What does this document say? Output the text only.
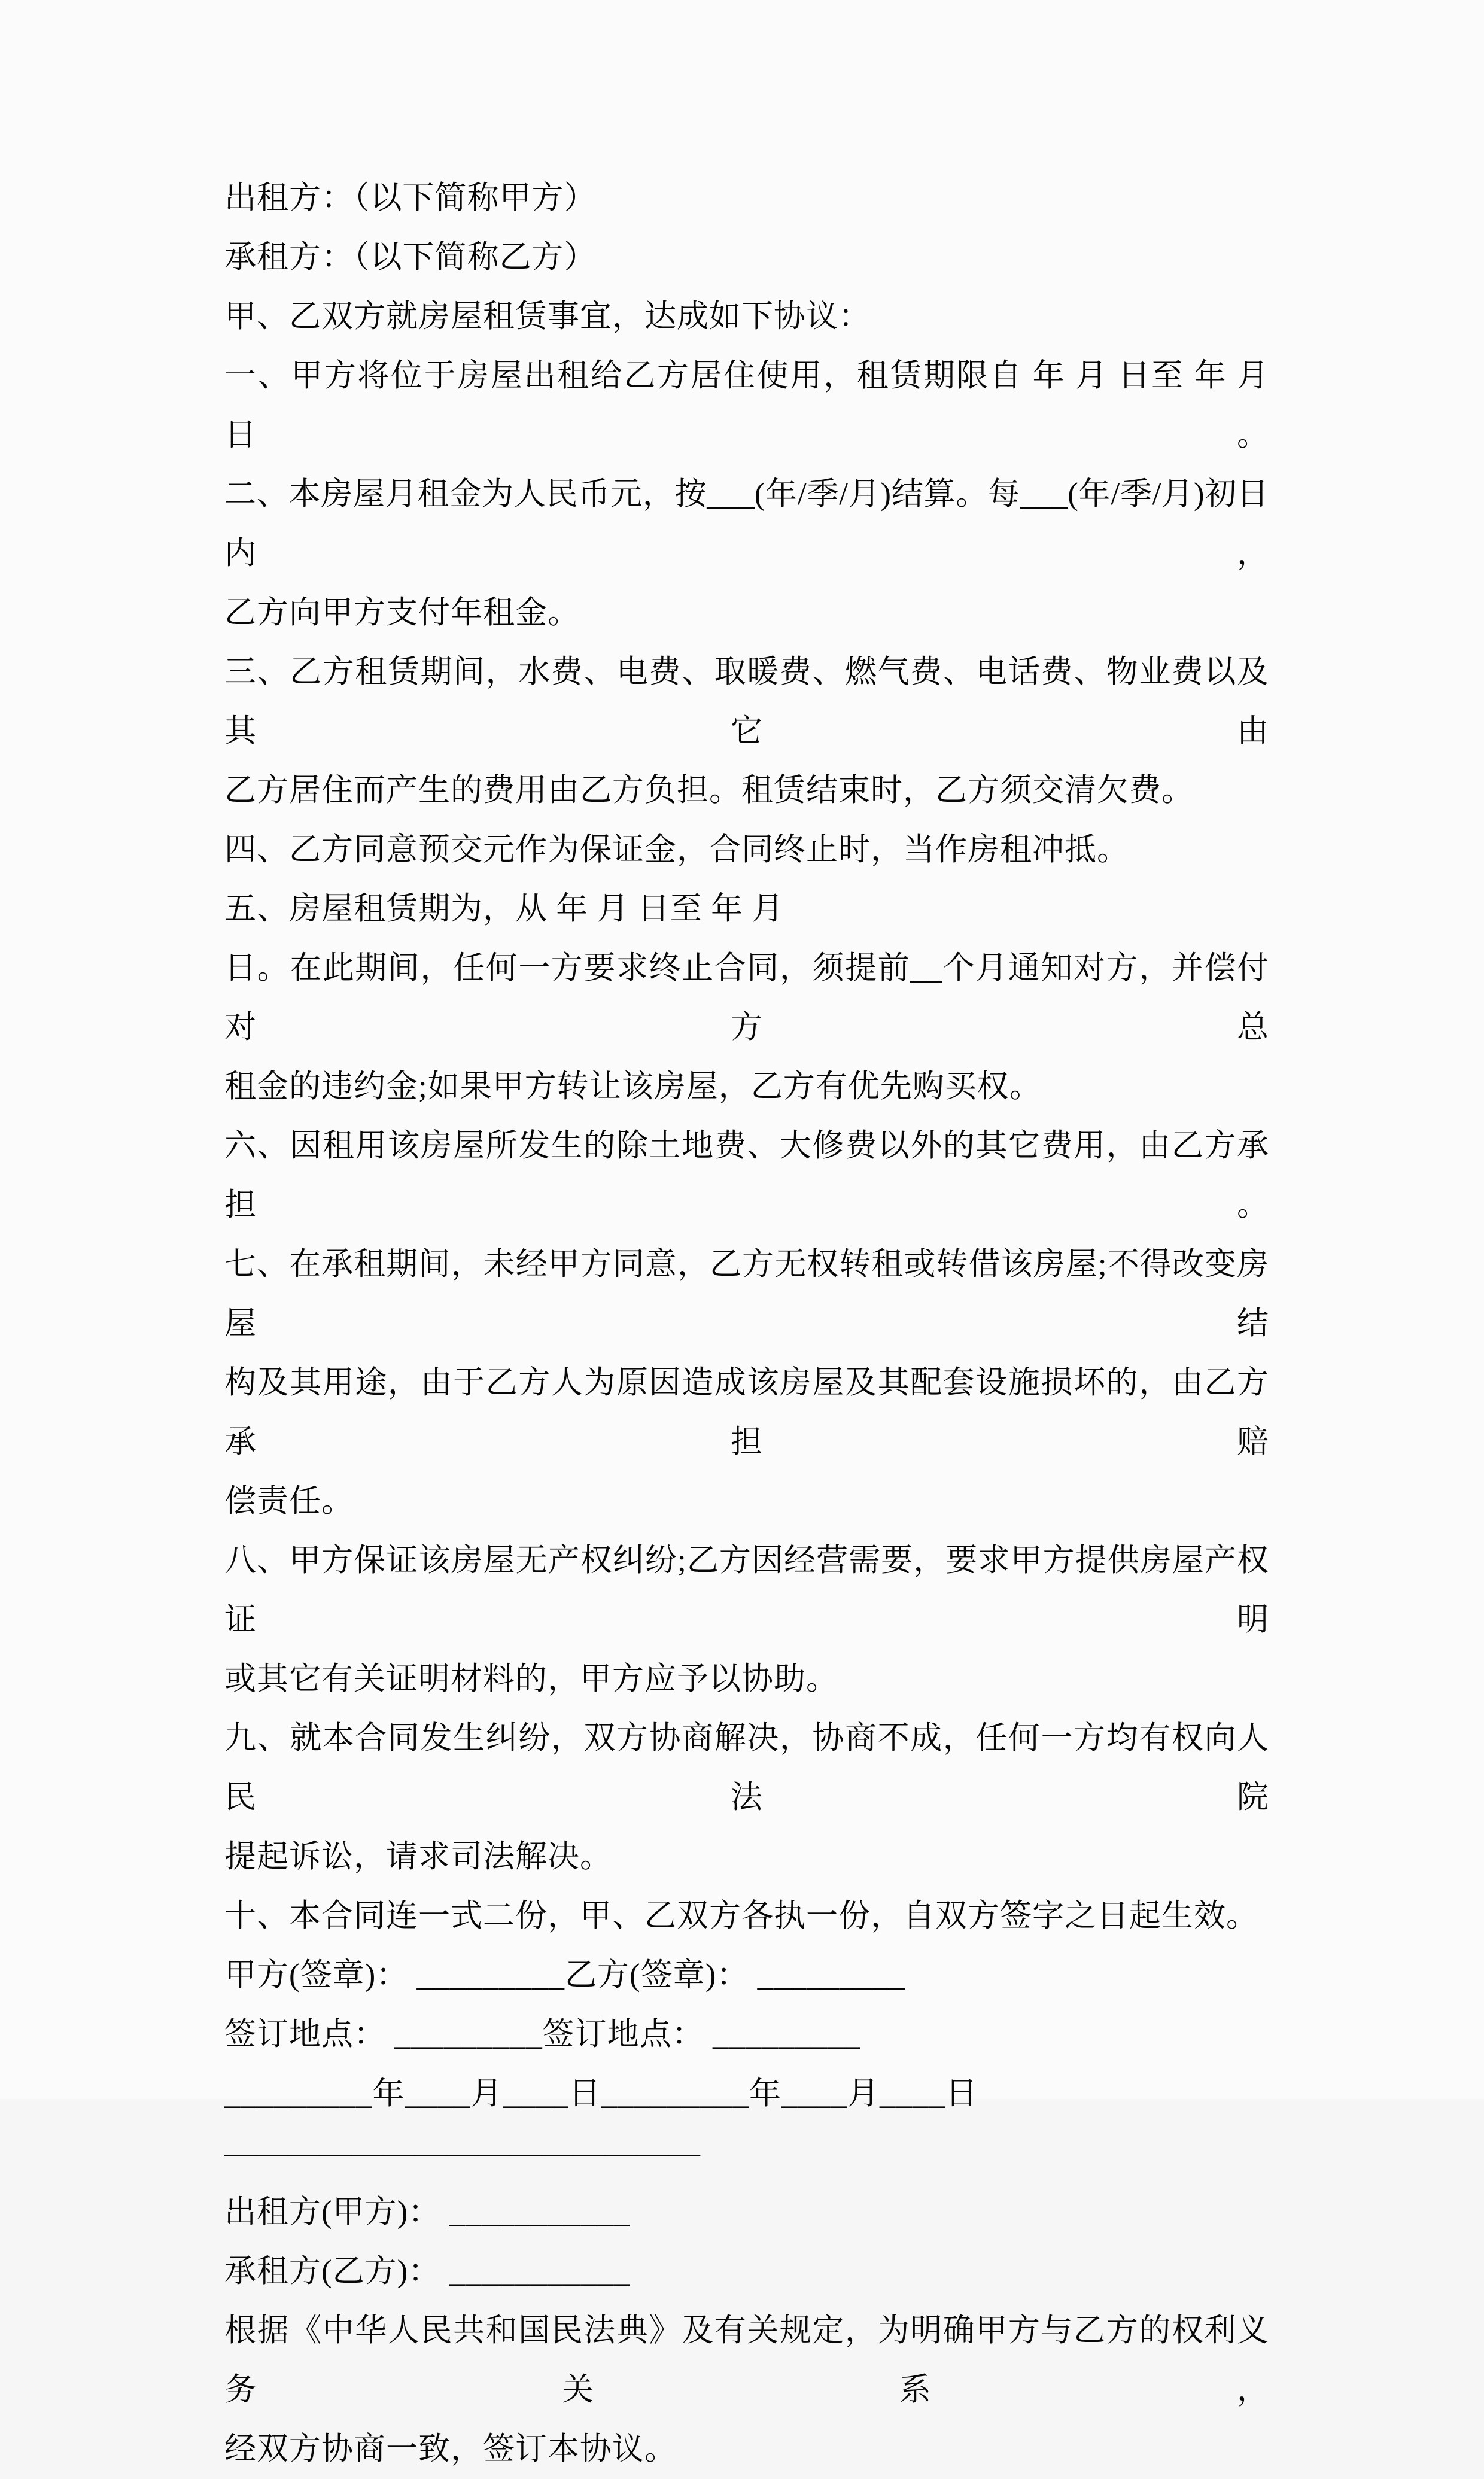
出租方：（以下简称甲方）
承租方：（以下简称乙方）
甲、乙双方就房屋租赁事宜，达成如下协议：
一、甲方将位于房屋出租给乙方居住使用，租赁期限自 年 月 日至 年 月 日。
二、本房屋月租金为人民币元，按___(年/季/月)结算。每___(年/季/月)初日内，
乙方向甲方支付年租金。
三、乙方租赁期间，水费、电费、取暖费、燃气费、电话费、物业费以及其它由
乙方居住而产生的费用由乙方负担。租赁结束时，乙方须交清欠费。
四、乙方同意预交元作为保证金，合同终止时，当作房租冲抵。
五、房屋租赁期为，从 年 月 日至 年 月
日。在此期间，任何一方要求终止合同，须提前__个月通知对方，并偿付对方总
租金的违约金;如果甲方转让该房屋，乙方有优先购买权。
六、因租用该房屋所发生的除土地费、大修费以外的其它费用，由乙方承担。
七、在承租期间，未经甲方同意，乙方无权转租或转借该房屋;不得改变房屋结
构及其用途，由于乙方人为原因造成该房屋及其配套设施损坏的，由乙方承担赔
偿责任。
八、甲方保证该房屋无产权纠纷;乙方因经营需要，要求甲方提供房屋产权证明
或其它有关证明材料的，甲方应予以协助。
九、就本合同发生纠纷，双方协商解决，协商不成，任何一方均有权向人民法院
提起诉讼，请求司法解决。
十、本合同连一式二份，甲、乙双方各执一份，自双方签字之日起生效。
甲方(签章)： _________乙方(签章)： _________
签订地点： _________签订地点： _________
_________年____月____日_________年____月____日
———————————————
出租方(甲方)： ___________
承租方(乙方)： ___________
根据《中华人民共和国民法典》及有关规定，为明确甲方与乙方的权利义务关系，
经双方协商一致，签订本协议。
